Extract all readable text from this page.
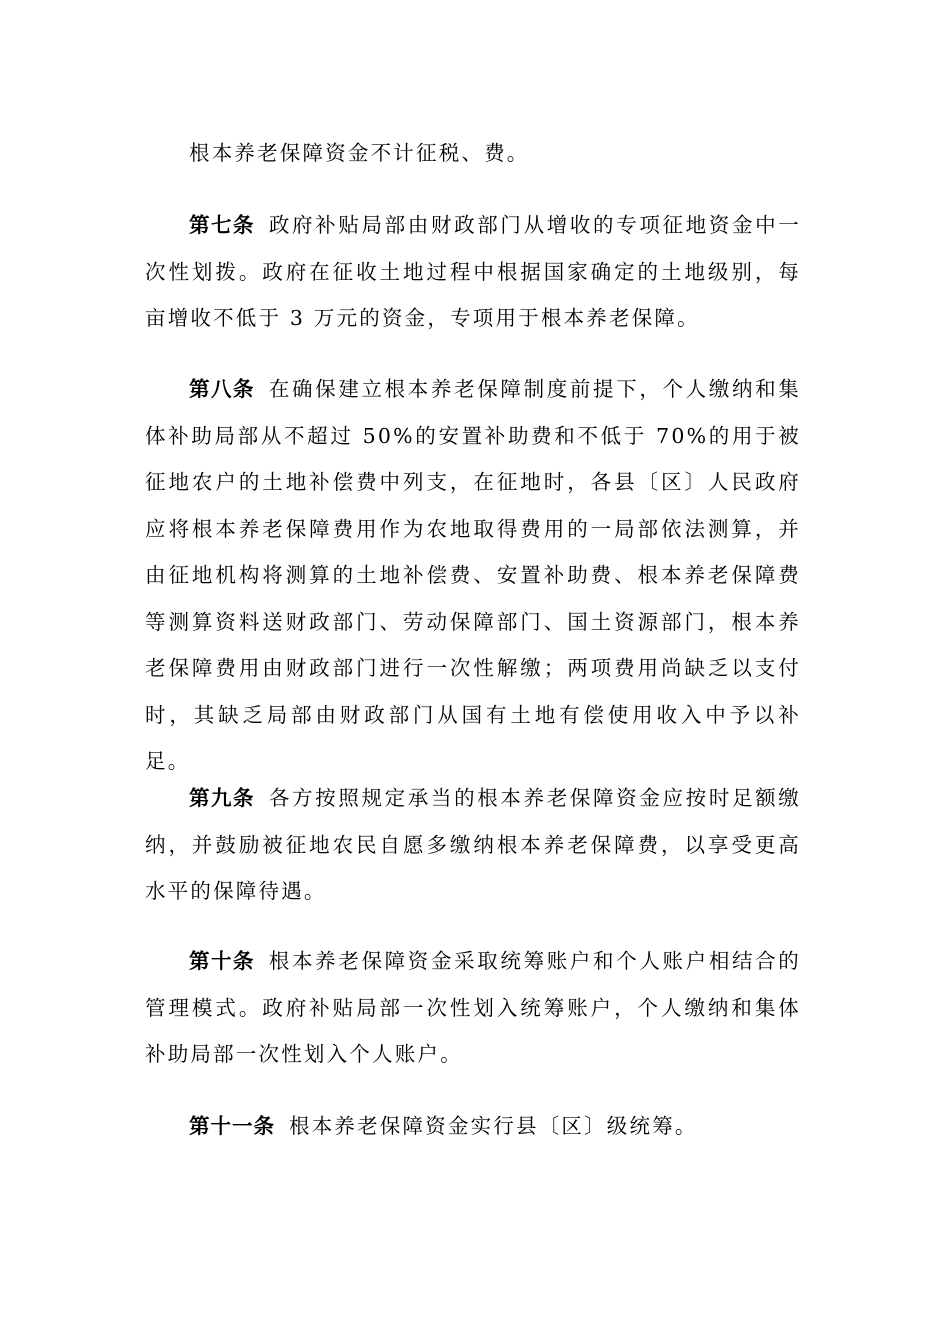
根本养老保障资金不计征税、费。

第七条 政府补贴局部由财政部门从增收的专项征地资金中一次性划拨。政府在征收土地过程中根据国家确定的土地级别，每亩增收不低于 3 万元的资金，专项用于根本养老保障。

第八条 在确保建立根本养老保障制度前提下，个人缴纳和集体补助局部从不超过 50%的安置补助费和不低于 70%的用于被征地农户的土地补偿费中列支，在征地时，各县〔区〕人民政府应将根本养老保障费用作为农地取得费用的一局部依法测算，并由征地机构将测算的土地补偿费、安置补助费、根本养老保障费等测算资料送财政部门、劳动保障部门、国土资源部门，根本养老保障费用由财政部门进行一次性解缴；两项费用尚缺乏以支付时，其缺乏局部由财政部门从国有土地有偿使用收入中予以补足。

第九条 各方按照规定承当的根本养老保障资金应按时足额缴纳，并鼓励被征地农民自愿多缴纳根本养老保障费，以享受更高水平的保障待遇。

第十条 根本养老保障资金采取统筹账户和个人账户相结合的管理模式。政府补贴局部一次性划入统筹账户，个人缴纳和集体补助局部一次性划入个人账户。

第十一条 根本养老保障资金实行县〔区〕级统筹。
